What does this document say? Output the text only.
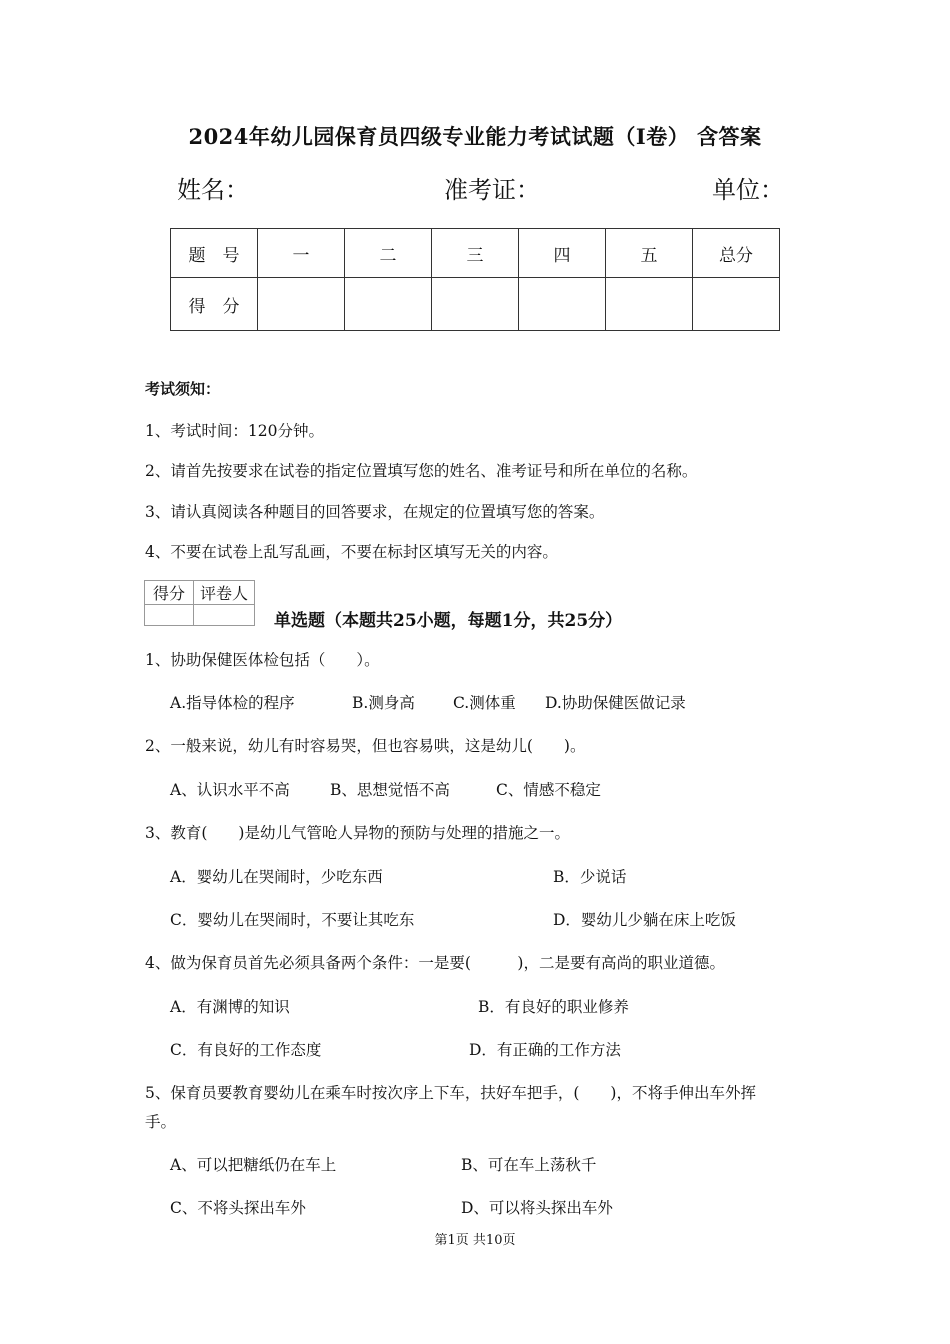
2024年幼儿园保育员四级专业能力考试试题（I卷） 含答案
姓名：	准考证：	单位：
题　号	一	二	三	四	五	总分
得　分						
考试须知：
1、考试时间：120分钟。
2、请首先按要求在试卷的指定位置填写您的姓名、准考证号和所在单位的名称。
3、请认真阅读各种题目的回答要求，在规定的位置填写您的答案。
4、不要在试卷上乱写乱画，不要在标封区填写无关的内容。
得分	评卷人

单选题（本题共25小题，每题1分，共25分）
1、协助保健医体检包括（　　）。
A.指导体检的程序	B.测身高 C.测体重 D.协助保健医做记录
2、一般来说，幼儿有时容易哭，但也容易哄，这是幼儿(　　)。
A、认识水平不高	B、思想觉悟不高	C、情感不稳定
3、教育(　　)是幼儿气管呛人异物的预防与处理的措施之一。
A．婴幼儿在哭闹时，少吃东西	B．少说话
C．婴幼儿在哭闹时，不要让其吃东	D．婴幼儿少躺在床上吃饭
4、做为保育员首先必须具备两个条件：一是要(　　　)，二是要有高尚的职业道德。
A．有渊博的知识	B．有良好的职业修养
C．有良好的工作态度	D．有正确的工作方法
5、保育员要教育婴幼儿在乘车时按次序上下车，扶好车把手，(　　)，不将手伸出车外挥
手。
A、可以把糖纸仍在车上	B、可在车上荡秋千
C、不将头探出车外	D、可以将头探出车外
第1页 共10页
